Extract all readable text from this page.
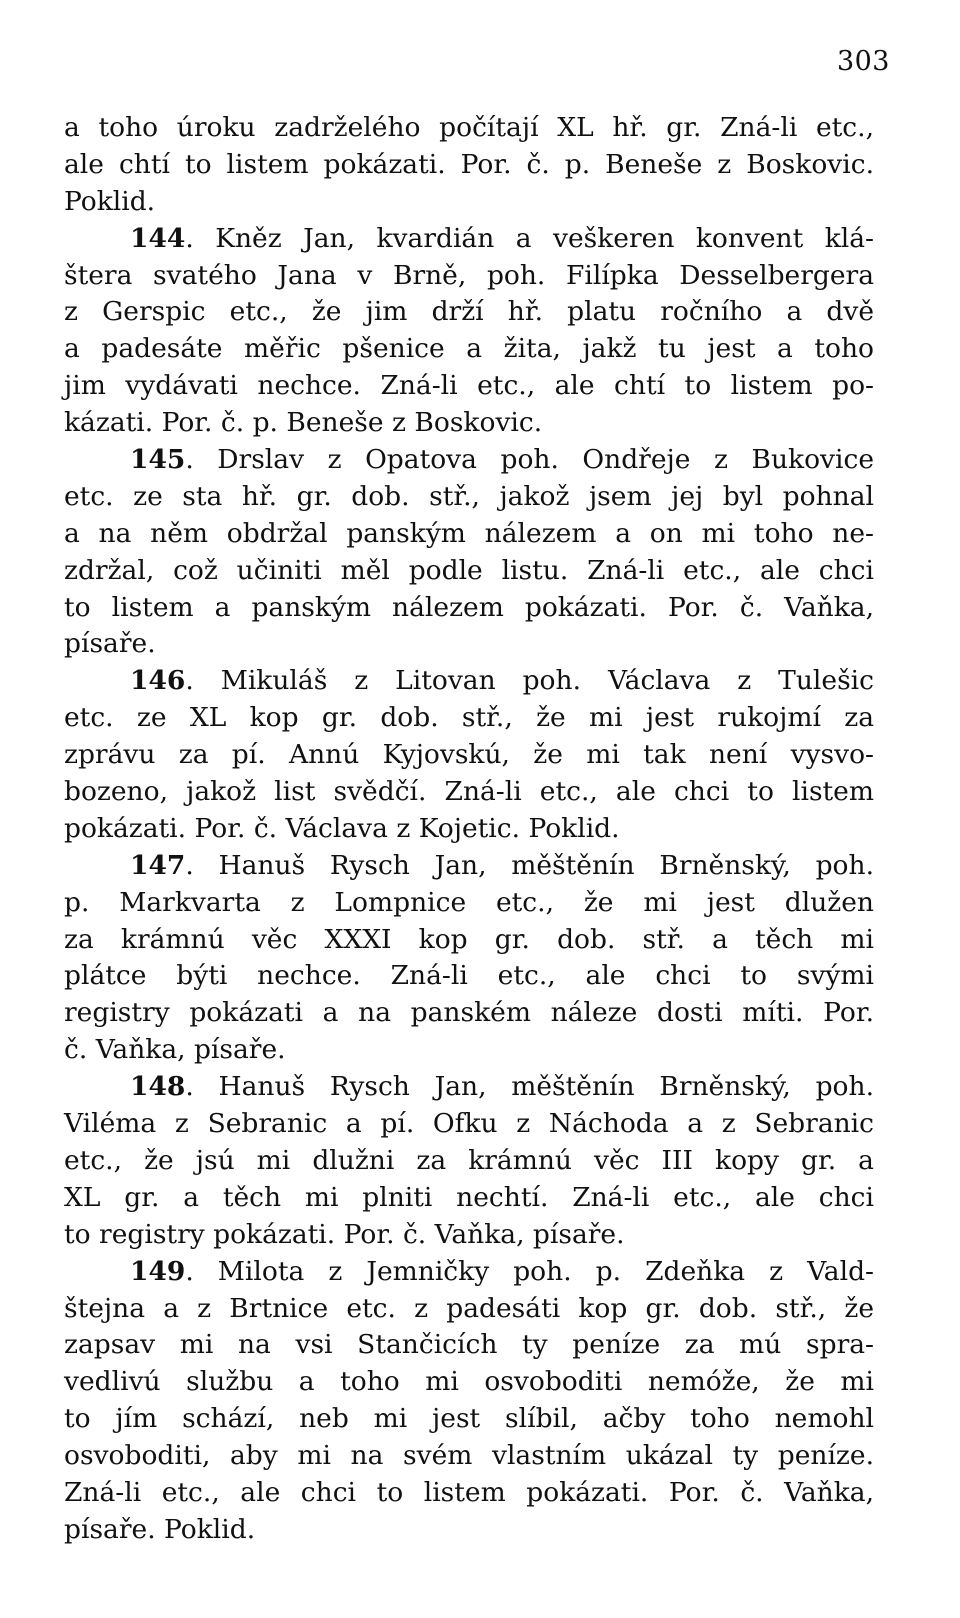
303
a toho úroku zadrželého počítají XL hř. gr. Zná-li etc.,
ale chtí to listem pokázati. Por. č. p. Beneše z Boskovic.
Poklid.
144. Kněz Jan, kvardián a veškeren konvent klá-
štera svatého Jana v Brně, poh. Filípka Desselbergera
z Gerspic etc., že jim drží hř. platu ročního a dvě
a padesáte měřic pšenice a žita, jakž tu jest a toho
jim vydávati nechce. Zná-li etc., ale chtí to listem po-
kázati. Por. č. p. Beneše z Boskovic.
145. Drslav z Opatova poh. Ondřeje z Bukovice
etc. ze sta hř. gr. dob. stř., jakož jsem jej byl pohnal
a na něm obdržal panským nálezem a on mi toho ne-
zdržal, což učiniti měl podle listu. Zná-li etc., ale chci
to listem a panským nálezem pokázati. Por. č. Vaňka,
písaře.
146. Mikuláš z Litovan poh. Václava z Tulešic
etc. ze XL kop gr. dob. stř., že mi jest rukojmí za
zprávu za pí. Annú Kyjovskú, že mi tak není vysvo-
bozeno, jakož list svědčí. Zná-li etc., ale chci to listem
pokázati. Por. č. Václava z Kojetic. Poklid.
147. Hanuš Rysch Jan, měštěnín Brněnský, poh.
p. Markvarta z Lompnice etc., že mi jest dlužen
za krámnú věc XXXI kop gr. dob. stř. a těch mi
plátce býti nechce. Zná-li etc., ale chci to svými
registry pokázati a na panském náleze dosti míti. Por.
č. Vaňka, písaře.
148. Hanuš Rysch Jan, měštěnín Brněnský, poh.
Viléma z Sebranic a pí. Ofku z Náchoda a z Sebranic
etc., že jsú mi dlužni za krámnú věc III kopy gr. a
XL gr. a těch mi plniti nechtí. Zná-li etc., ale chci
to registry pokázati. Por. č. Vaňka, písaře.
149. Milota z Jemničky poh. p. Zdeňka z Vald-
štejna a z Brtnice etc. z padesáti kop gr. dob. stř., že
zapsav mi na vsi Stančicích ty peníze za mú spra-
vedlivú službu a toho mi osvoboditi nemóže, že mi
to jím schází, neb mi jest slíbil, ačby toho nemohl
osvoboditi, aby mi na svém vlastním ukázal ty peníze.
Zná-li etc., ale chci to listem pokázati. Por. č. Vaňka,
písaře. Poklid.
